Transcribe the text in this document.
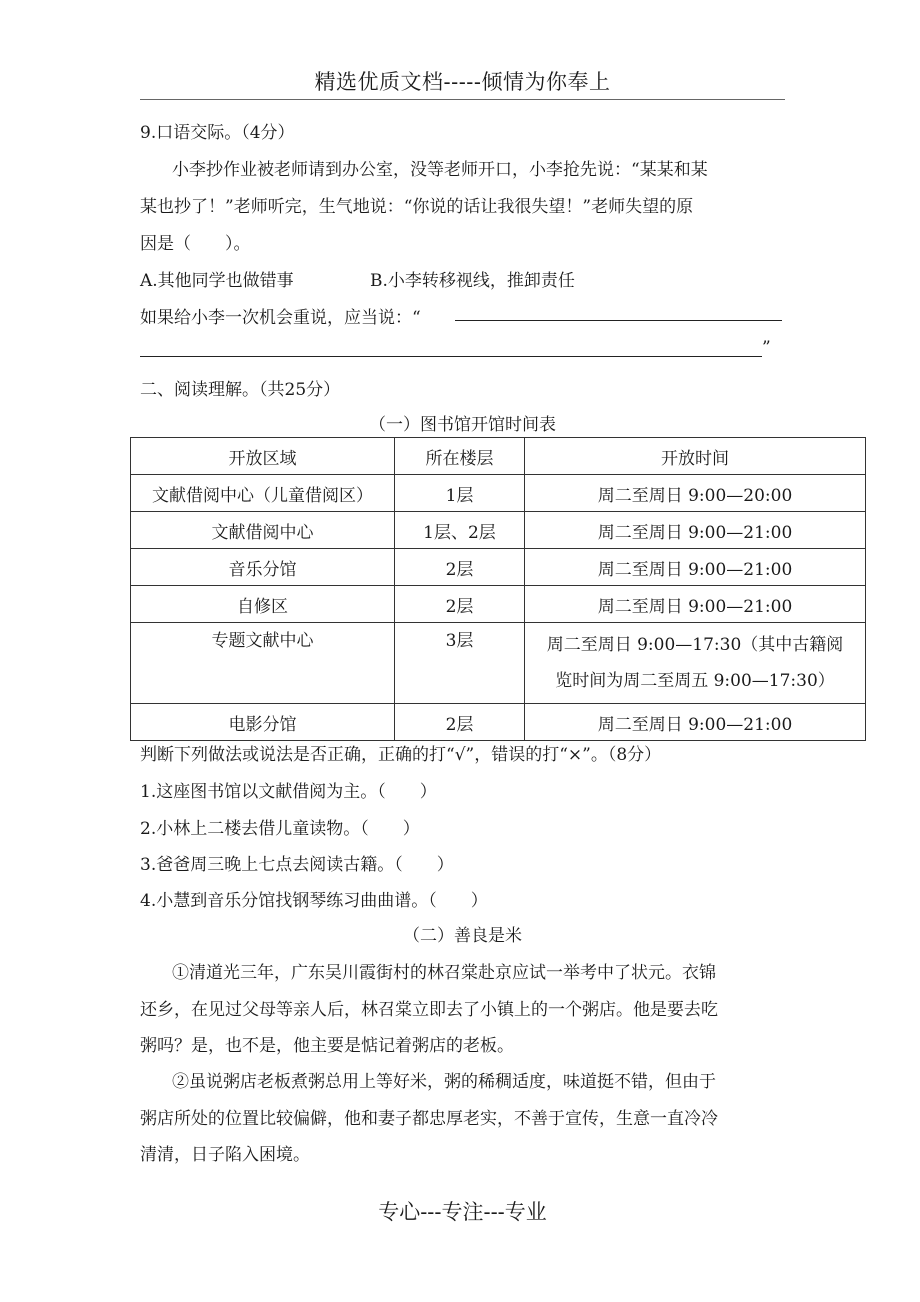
精选优质文档-----倾情为你奉上
9.口语交际。（4分）
小李抄作业被老师请到办公室，没等老师开口，小李抢先说：“某某和某
某也抄了！”老师听完，生气地说：“你说的话让我很失望！”老师失望的原
因是（　　）。
A.其他同学也做错事	B.小李转移视线，推卸责任
如果给小李一次机会重说，应当说：“
”
二、阅读理解。（共25分）
（一）图书馆开馆时间表
开放区域	所在楼层	开放时间
文献借阅中心（儿童借阅区）	1层	周二至周日 9:00—20:00
文献借阅中心	1层、2层	周二至周日 9:00—21:00
音乐分馆	2层	周二至周日 9:00—21:00
自修区	2层	周二至周日 9:00—21:00
专题文献中心	3层	周二至周日 9:00—17:30（其中古籍阅
览时间为周二至周五 9:00—17:30）

电影分馆	2层	周二至周日 9:00—21:00
判断下列做法或说法是否正确，正确的打“√”，错误的打“×”。（8分）
1.这座图书馆以文献借阅为主。（　　）
2.小林上二楼去借儿童读物。（　　）
3.爸爸周三晚上七点去阅读古籍。（　　）
4.小慧到音乐分馆找钢琴练习曲曲谱。（　　）
（二）善良是米
①清道光三年，广东吴川霞街村的林召棠赴京应试一举考中了状元。衣锦
还乡，在见过父母等亲人后，林召棠立即去了小镇上的一个粥店。他是要去吃
粥吗？是，也不是，他主要是惦记着粥店的老板。
②虽说粥店老板煮粥总用上等好米，粥的稀稠适度，味道挺不错，但由于
粥店所处的位置比较偏僻，他和妻子都忠厚老实，不善于宣传，生意一直冷冷
清清，日子陷入困境。
专心---专注---专业
